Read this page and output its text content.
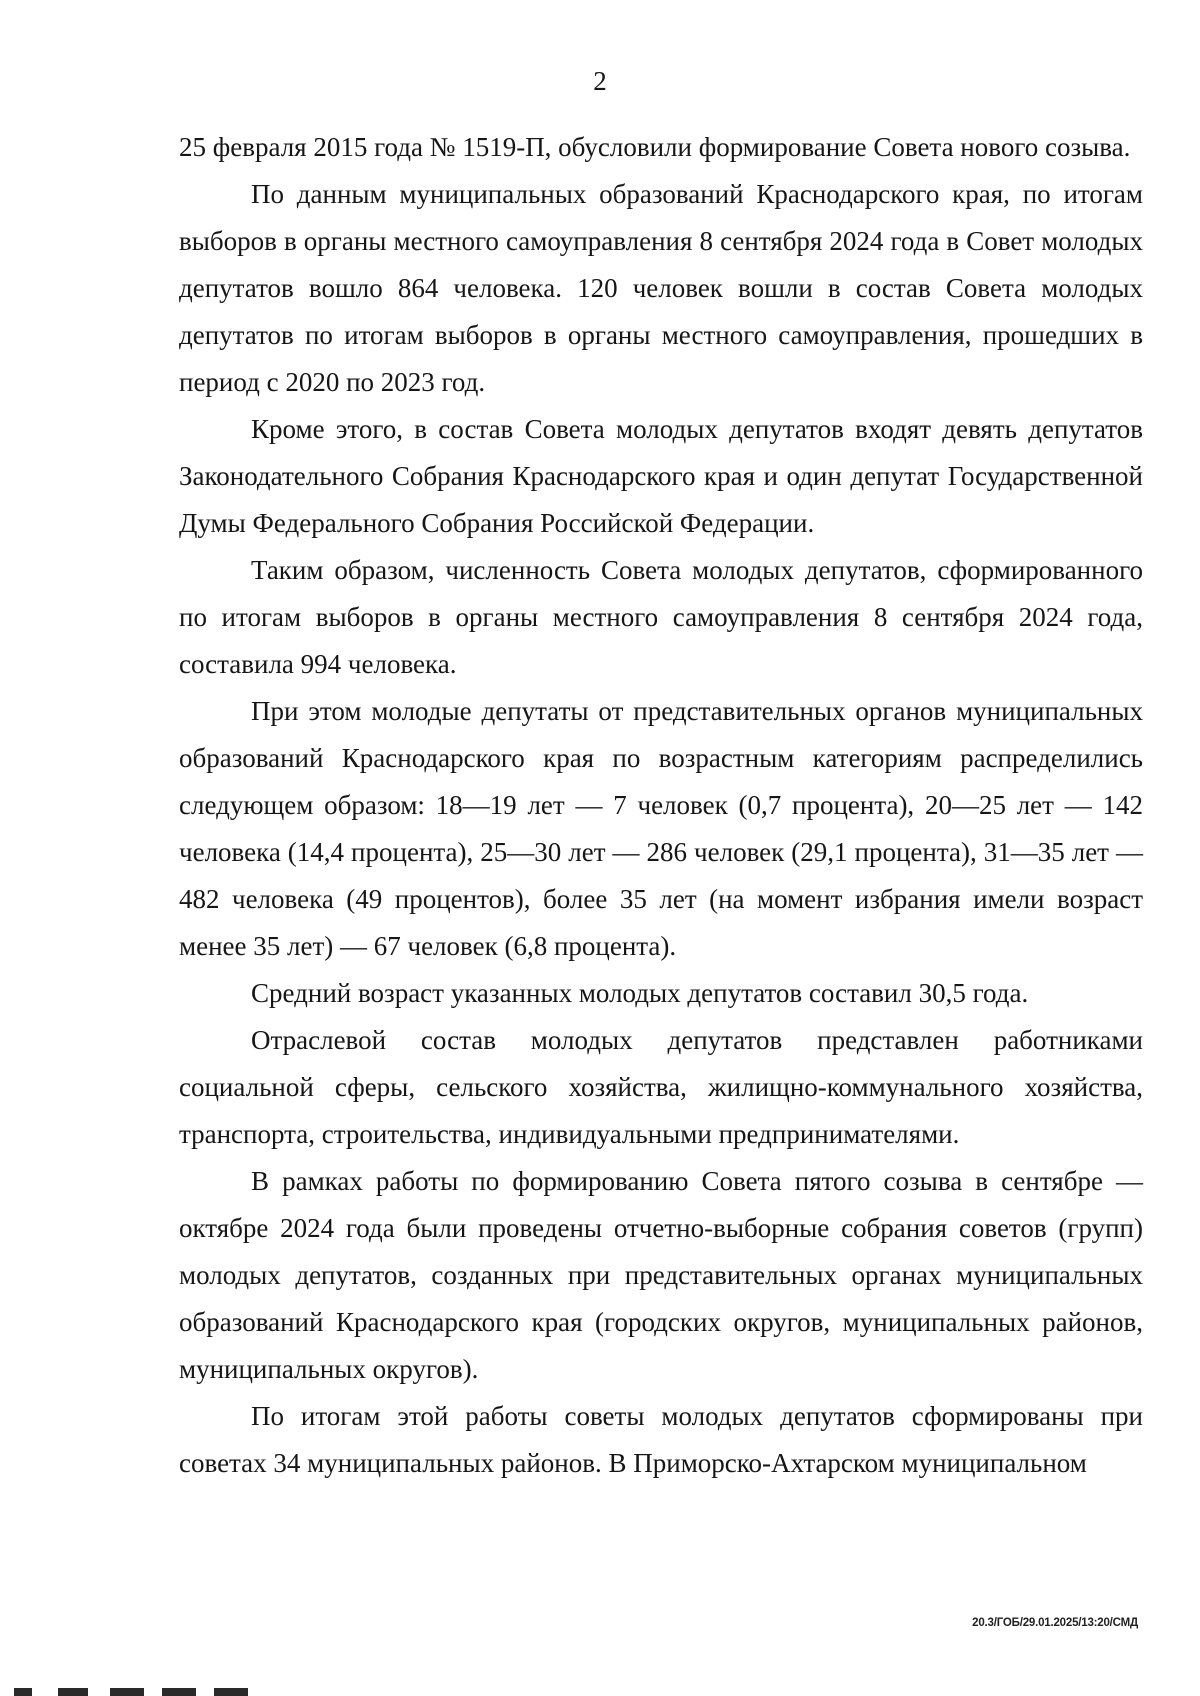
2

25 февраля 2015 года № 1519-П, обусловили формирование Совета нового созыва.

По данным муниципальных образований Краснодарского края, по итогам выборов в органы местного самоуправления 8 сентября 2024 года в Совет молодых депутатов вошло 864 человека. 120 человек вошли в состав Совета молодых депутатов по итогам выборов в органы местного самоуправления, прошедших в период с 2020 по 2023 год.

Кроме этого, в состав Совета молодых депутатов входят девять депутатов Законодательного Собрания Краснодарского края и один депутат Государственной Думы Федерального Собрания Российской Федерации.

Таким образом, численность Совета молодых депутатов, сформированного по итогам выборов в органы местного самоуправления 8 сентября 2024 года, составила 994 человека.

При этом молодые депутаты от представительных органов муниципальных образований Краснодарского края по возрастным категориям распределились следующем образом: 18—19 лет — 7 человек (0,7 процента), 20—25 лет — 142 человека (14,4 процента), 25—30 лет — 286 человек (29,1 процента), 31—35 лет — 482 человека (49 процентов), более 35 лет (на момент избрания имели возраст менее 35 лет) — 67 человек (6,8 процента).

Средний возраст указанных молодых депутатов составил 30,5 года.

Отраслевой состав молодых депутатов представлен работниками социальной сферы, сельского хозяйства, жилищно-коммунального хозяйства, транспорта, строительства, индивидуальными предпринимателями.

В рамках работы по формированию Совета пятого созыва в сентябре — октябре 2024 года были проведены отчетно-выборные собрания советов (групп) молодых депутатов, созданных при представительных органах муниципальных образований Краснодарского края (городских округов, муниципальных районов, муниципальных округов).

По итогам этой работы советы молодых депутатов сформированы при советах 34 муниципальных районов. В Приморско-Ахтарском муниципальном

20.3/ГОБ/29.01.2025/13:20/СМД
